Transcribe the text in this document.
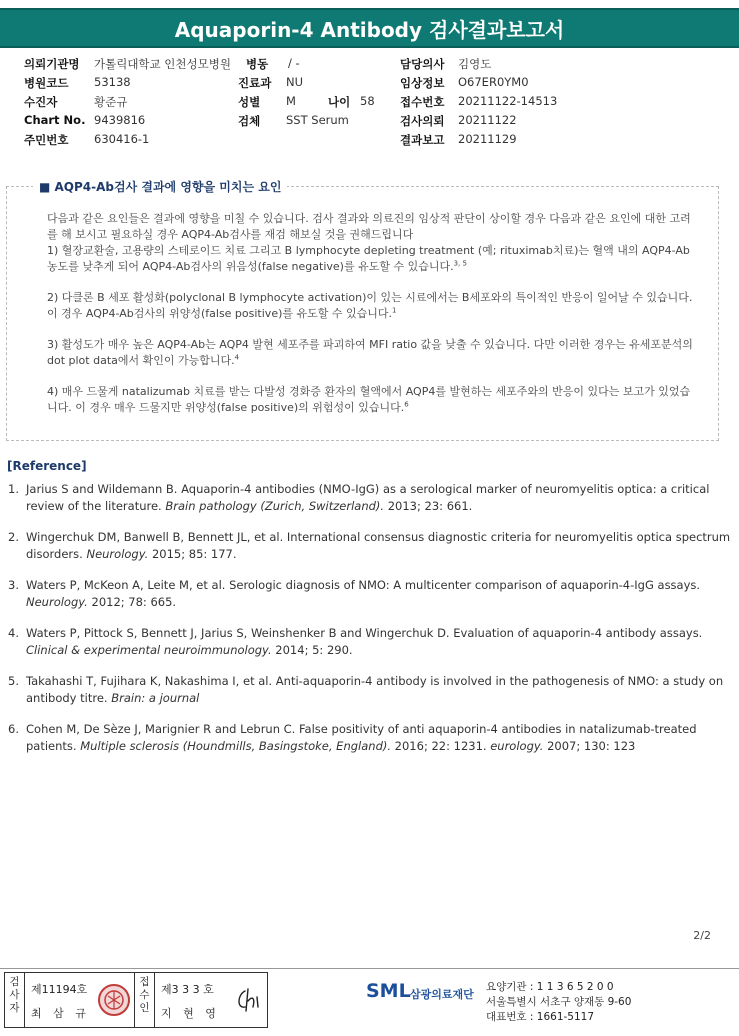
Aquaporin-4 Antibody 검사결과보고서
의뢰기관명 가톨릭대학교 인천성모병원 병동 / -	담당의사 김영도
병원코드 53138	진료과 NU	임상정보 O67ER0YM0
수진자	황준규	성별 M	나이 58 접수번호 20211122-14513
Chart No. 9439816	검체 SST Serum	검사의뢰 20211122
주민번호 630416-1	결과보고 20211129
■ AQP4-Ab검사 결과에 영향을 미치는 요인

다음과 같은 요인들은 결과에 영향을 미칠 수 있습니다. 검사 결과와 의료진의 임상적 판단이 상이할 경우 다음과 같은 요인에 대한 고려를 해 보시고 필요하실 경우 AQP4-Ab검사를 재검 해보실 것을 권해드립니다

1) 혈장교환술, 고용량의 스테로이드 치료 그리고 B lymphocyte depleting treatment (예; rituximab치료)는 혈액 내의 AQP4-Ab농도를 낮추게 되어 AQP4-Ab검사의 위음성(false negative)를 유도할 수 있습니다.$^{3, 5}$

2) 다클론 B 세포 활성화(polyclonal B lymphocyte activation)이 있는 시료에서는 B세포와의 특이적인 반응이 일어날 수 있습니다. 이 경우 AQP4-Ab검사의 위양성(false positive)를 유도할 수 있습니다.$^1$

3) 활성도가 매우 높은 AQP4-Ab는 AQP4 발현 세포주를 파괴하여 MFI ratio 값을 낮출 수 있습니다. 다만 이러한 경우는 유세포분석의 dot plot data에서 확인이 가능합니다.$^4$

4) 매우 드물게 natalizumab 치료를 받는 다발성 경화증 환자의 혈액에서 AQP4를 발현하는 세포주와의 반응이 있다는 보고가 있었습니다. 이 경우 매우 드물지만 위양성(false positive)의 위험성이 있습니다.$^6$

[Reference]
1. Jarius S and Wildemann B. Aquaporin-4 antibodies (NMO-IgG) as a serological marker of neuromyelitis optica: a critical review of the literature. Brain pathology (Zurich, Switzerland). 2013; 23: 661.
2. Wingerchuk DM, Banwell B, Bennett JL, et al. International consensus diagnostic criteria for neuromyelitis optica spectrum disorders. Neurology. 2015; 85: 177.
3. Waters P, McKeon A, Leite M, et al. Serologic diagnosis of NMO: A multicenter comparison of aquaporin-4-IgG assays. Neurology. 2012; 78: 665.
4. Waters P, Pittock S, Bennett J, Jarius S, Weinshenker B and Wingerchuk D. Evaluation of aquaporin-4 antibody assays. Clinical & experimental neuroimmunology. 2014; 5: 290.
5. Takahashi T, Fujihara K, Nakashima I, et al. Anti-aquaporin-4 antibody is involved in the pathogenesis of NMO: a study on antibody titre. Brain: a journal
6. Cohen M, De Sèze J, Marignier R and Lebrun C. False positivity of anti aquaporin-4 antibodies in natalizumab-treated patients. Multiple sclerosis (Houndmills, Basingstoke, England). 2016; 22: 1231. eurology. 2007; 130: 123
2/2
검사자
제11194호
최 삼 규
접수인
제3 3 3 호
지 현 영
SML 삼광의료재단
요양기관 : 1 1 3 6 5 2 0 0
서울특별시 서초구 양재동 9-60
대표번호 : 1661-5117
